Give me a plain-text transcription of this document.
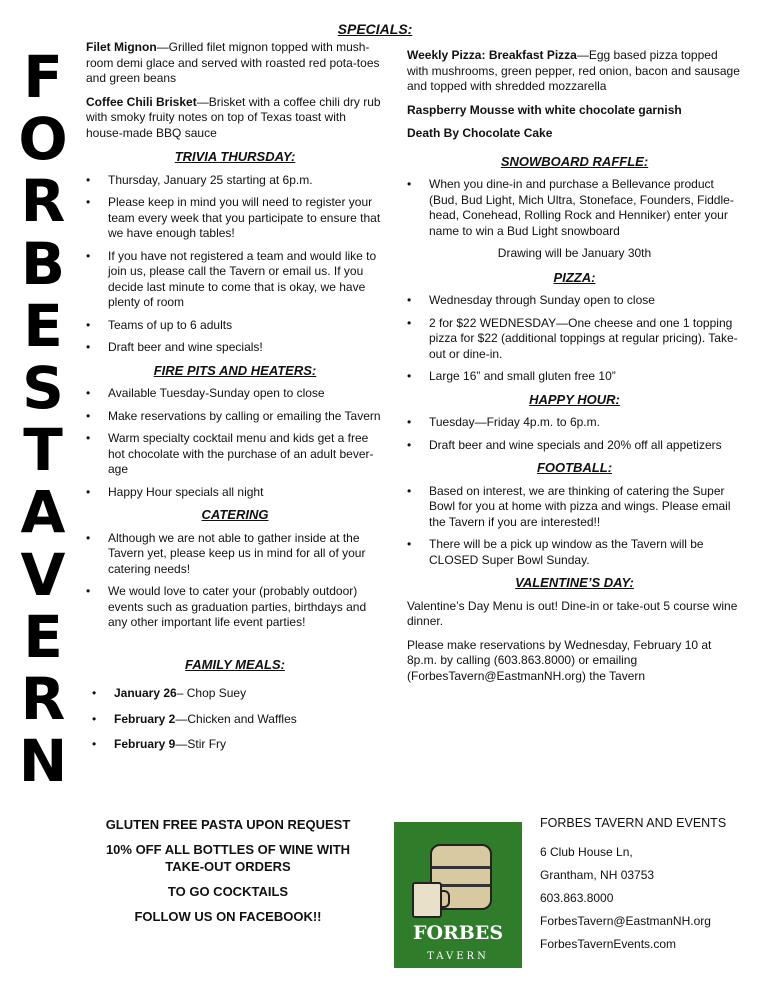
F
O
R
B
E
S
T
A
V
E
R
N
SPECIALS:
Filet Mignon—Grilled filet mignon topped with mush-room demi glace and served with roasted red pota-toes and green beans
Coffee Chili Brisket—Brisket with a coffee chili dry rub with smoky fruity notes on top of Texas toast with house-made BBQ sauce
TRIVIA THURSDAY:
• Thursday, January 25 starting at 6p.m.
• Please keep in mind you will need to register your team every week that you participate to ensure that we have enough tables!
• If you have not registered a team and would like to join us, please call the Tavern or email us. If you decide last minute to come that is okay, we have plenty of room
• Teams of up to 6 adults
• Draft beer and wine specials!
FIRE PITS AND HEATERS:
• Available Tuesday-Sunday open to close
• Make reservations by calling or emailing the Tavern
• Warm specialty cocktail menu and kids get a free hot chocolate with the purchase of an adult bever-age
• Happy Hour specials all night
CATERING
• Although we are not able to gather inside at the Tavern yet, please keep us in mind for all of your catering needs!
• We would love to cater your (probably outdoor) events such as graduation parties, birthdays and any other important life event parties!
FAMILY MEALS:
• January 26– Chop Suey
• February 2—Chicken and Waffles
• February 9—Stir Fry
Weekly Pizza: Breakfast Pizza—Egg based pizza topped with mushrooms, green pepper, red onion, bacon and sausage and topped with shredded mozzarella
Raspberry Mousse with white chocolate garnish
Death By Chocolate Cake
SNOWBOARD RAFFLE:
• When you dine-in and purchase a Bellevance product (Bud, Bud Light, Mich Ultra, Stoneface, Founders, Fiddle-head, Conehead, Rolling Rock and Henniker) enter your name to win a Bud Light snowboard
Drawing will be January 30th
PIZZA:
• Wednesday through Sunday open to close
• 2 for $22 WEDNESDAY—One cheese and one 1 topping pizza for $22 (additional toppings at regular pricing). Take-out or dine-in.
• Large 16” and small gluten free 10”
HAPPY HOUR:
• Tuesday—Friday 4p.m. to 6p.m.
• Draft beer and wine specials and 20% off all appetizers
FOOTBALL:
• Based on interest, we are thinking of catering the Super Bowl for you at home with pizza and wings. Please email the Tavern if you are interested!!
• There will be a pick up window as the Tavern will be CLOSED Super Bowl Sunday.
VALENTINE’S DAY:
Valentine’s Day Menu is out! Dine-in or take-out 5 course wine dinner.
Please make reservations by Wednesday, February 10 at 8p.m. by calling (603.863.8000) or emailing (ForbesTavern@EastmanNH.org) the Tavern
GLUTEN FREE PASTA UPON REQUEST
10% OFF ALL BOTTLES OF WINE WITH TAKE-OUT ORDERS
TO GO COCKTAILS
FOLLOW US ON FACEBOOK!!
FORBES
TAVERN
FORBES TAVERN AND EVENTS
6 Club House Ln,
Grantham, NH 03753
603.863.8000
ForbesTavern@EastmanNH.org
ForbesTavernEvents.com
